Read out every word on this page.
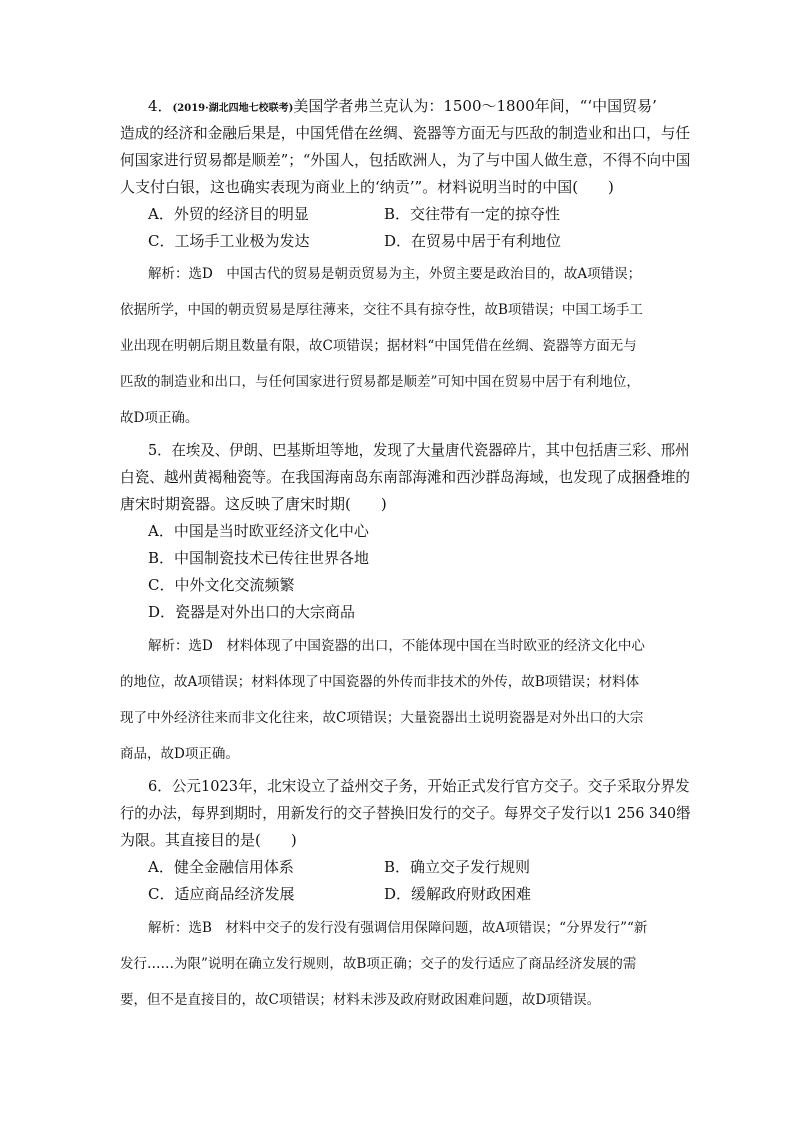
4．(2019·湖北四地七校联考)美国学者弗兰克认为：1500～1800年间，“‘中国贸易’
造成的经济和金融后果是，中国凭借在丝绸、瓷器等方面无与匹敌的制造业和出口，与任
何国家进行贸易都是顺差”；“外国人，包括欧洲人，为了与中国人做生意，不得不向中国
人支付白银，这也确实表现为商业上的‘纳贡’”。材料说明当时的中国(　　)
A．外贸的经济目的明显	B．交往带有一定的掠夺性
C．工场手工业极为发达	D．在贸易中居于有利地位
解析：选D　中国古代的贸易是朝贡贸易为主，外贸主要是政治目的，故A项错误；
依据所学，中国的朝贡贸易是厚往薄来，交往不具有掠夺性，故B项错误；中国工场手工
业出现在明朝后期且数量有限，故C项错误；据材料“中国凭借在丝绸、瓷器等方面无与
匹敌的制造业和出口，与任何国家进行贸易都是顺差”可知中国在贸易中居于有利地位，
故D项正确。
5．在埃及、伊朗、巴基斯坦等地，发现了大量唐代瓷器碎片，其中包括唐三彩、邢州
白瓷、越州黄褐釉瓷等。在我国海南岛东南部海滩和西沙群岛海域，也发现了成捆叠堆的
唐宋时期瓷器。这反映了唐宋时期(　　)
A．中国是当时欧亚经济文化中心
B．中国制瓷技术已传往世界各地
C．中外文化交流频繁
D．瓷器是对外出口的大宗商品
解析：选D　材料体现了中国瓷器的出口，不能体现中国在当时欧亚的经济文化中心
的地位，故A项错误；材料体现了中国瓷器的外传而非技术的外传，故B项错误；材料体
现了中外经济往来而非文化往来，故C项错误；大量瓷器出土说明瓷器是对外出口的大宗
商品，故D项正确。
6．公元1023年，北宋设立了益州交子务，开始正式发行官方交子。交子采取分界发
行的办法，每界到期时，用新发行的交子替换旧发行的交子。每界交子发行以1 256 340缗
为限。其直接目的是(　　)
A．健全金融信用体系	B．确立交子发行规则
C．适应商品经济发展	D．缓解政府财政困难
解析：选B　材料中交子的发行没有强调信用保障问题，故A项错误；“分界发行”“新
发行……为限”说明在确立发行规则，故B项正确；交子的发行适应了商品经济发展的需
要，但不是直接目的，故C项错误；材料未涉及政府财政困难问题，故D项错误。
